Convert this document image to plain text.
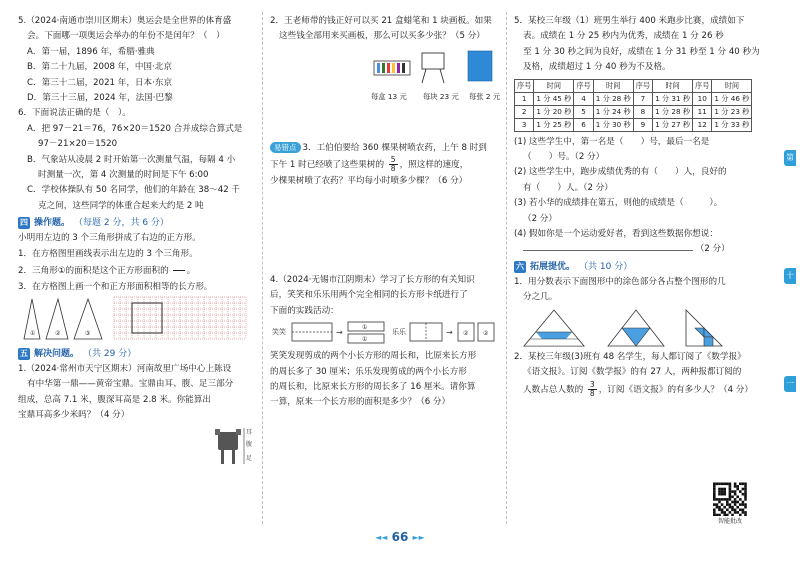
5.（2024·南通市崇川区期末）奥运会是全世界的体育盛

会。下面哪一项奥运会举办的年份不是闰年？（　）

A．第一届，1896 年，希腊·雅典

B．第二十九届，2008 年，中国·北京

C．第三十二届，2021 年，日本·东京

D．第三十三届，2024 年，法国·巴黎

6．下面说法正确的是（　）。

A．把 97－21＝76，76×20＝1520 合并成综合算式是

97－21×20＝1520

B．气象站从凌晨 2 时开始第一次测量气温，每隔 4 小

时测量一次，第 4 次测量的时间是下午 6:00

C．学校体操队有 50 名同学，他们的年龄在 38～42 千

克之间，这些同学的体重合起来大约是 2 吨

四 操作题。 （每题 2 分，共 6 分）

小明用左边的 3 个三角形拼成了右边的正方形。

1．在方格图里画线表示出左边的 3 个三角形。

2．三角形①的面积是这个正方形面积的

。

3．在方格图上画一个和正方形面积相等的长方形。

①	②	③
五 解决问题。 （共 29 分）

1.（2024·常州市天宁区期末）河南故里广场中心上陈设

有中华第一鼎——黄帝宝鼎。宝鼎由耳、腹、足三部分

组成，总高 7.1 米，腹深耳高是 2.8 米。你能算出

宝鼎耳高多少米吗？（4 分）

耳
腹
足

2．王老师带的钱正好可以买 21 盒蜡笔和 1 块画板。如果

这些钱全部用来买画板，那么可以买多少张？（5 分）

每盒 13 元 每块 23 元 每张 2 元

易错点 3．工伯伯要给 360 棵果树喷农药，上午 8 时到

下午 1 时已经喷了这些果树的 $\frac{5}{8}$ ，照这样的速度，

少棵果树喷了农药？平均每小时喷多少棵？（6 分）

4.（2024·无锡市江阴期末）学习了长方形的有关知识

后，笑笑和乐乐用两个完全相同的长方形卡纸进行了

下面的实践活动：

笑笑	→
①
①
乐乐	→ ② ②

笑笑发现剪成的两个小长方形的周长和，比原来长方形

的周长多了 30 厘米；乐乐发现剪成的两个小长方形

的周长和，比原来长方形的周长多了 16 厘米。请你算

一算，原来一个长方形的面积是多少？（6 分）

5．某校三年级（1）班男生举行 400 米跑步比赛，成绩如下

表。成绩在 1 分 25 秒内为优秀，成绩在 1 分 26 秒

至 1 分 30 秒之间为良好，成绩在 1 分 31 秒至 1 分 40 秒为

及格，成绩超过 1 分 40 秒为不及格。

序号	时间	序号	时间	序号	时间	序号	时间
1	1 分 45 秒	4	1 分 28 秒	7	1 分 31 秒	10	1 分 46 秒
2	1 分 20 秒	5	1 分 24 秒	8	1 分 28 秒	11	1 分 23 秒
3	1 分 25 秒	6	1 分 30 秒	9	1 分 27 秒	12	1 分 33 秒

(1) 这些学生中，第一名是（　　）号，最后一名是

（　　）号。（2 分）

(2) 这些学生中，跑步成绩优秀的有（　　）人，良好的

有（　　）人。（2 分）

(3) 若小华的成绩排在第五，则他的成绩是（　　　）。

（2 分）

(4) 假如你是一个运动爱好者，看到这些数据你想说：

（2 分）

六 拓展提优。 （共 10 分）

1．用分数表示下面图形中的涂色部分各占整个图形的几

分之几。

2．某校三年级(3)班有 48 名学生，每人都订阅了《数学报》

《语文报》。订阅《数学报》的有 27 人，两种报都订阅的

人数占总人数的 $\frac{3}{8}$ ，订阅《语文报》的有多少人？（4 分）

智能批改
第
十
一
◄◄ 66 ►►
